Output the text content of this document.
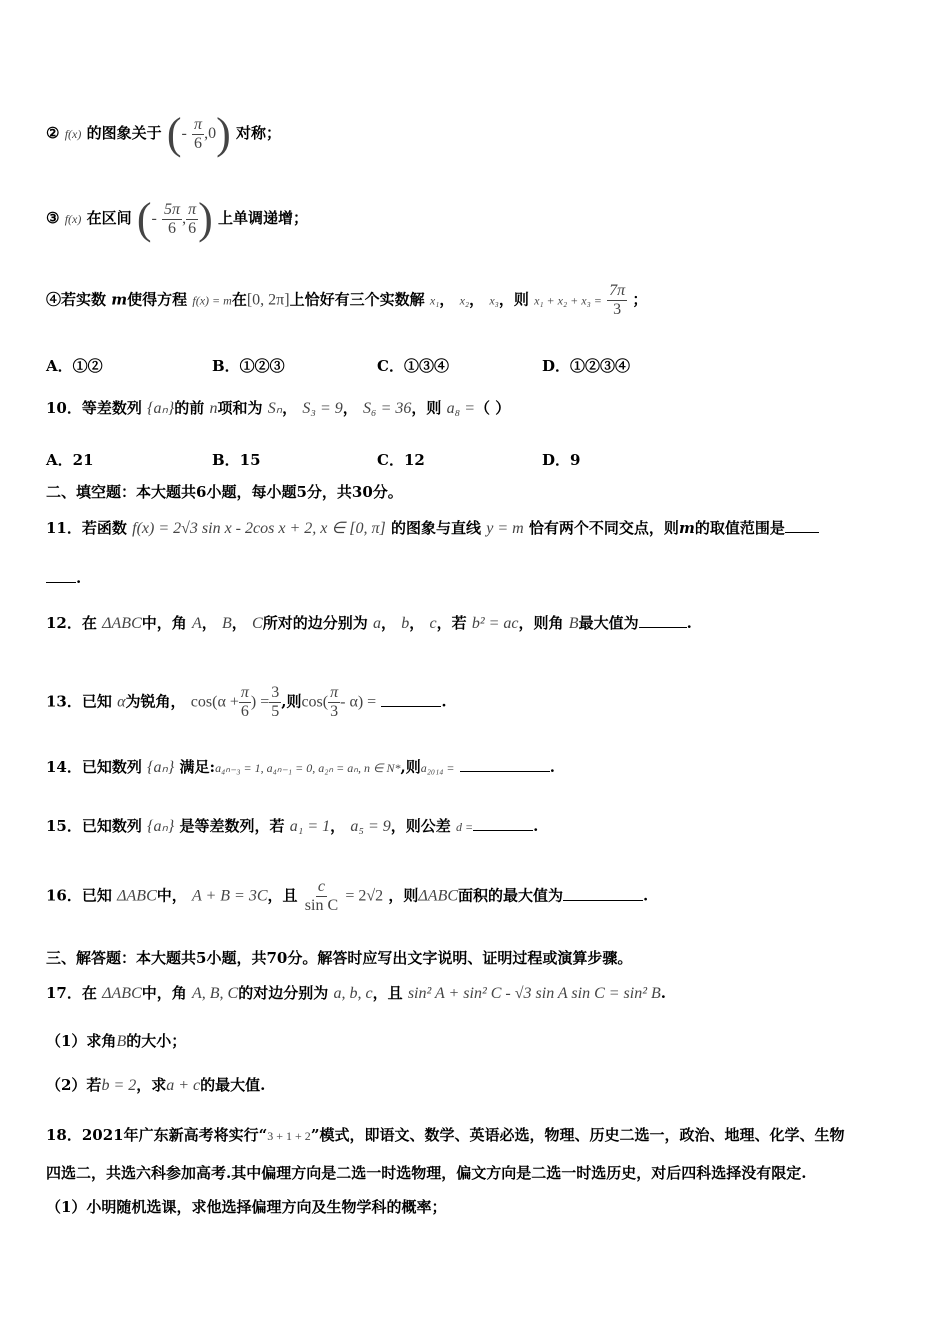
② f(x) 的图象关于 (- $\frac{\pi}{6} ,0$) 对称；
③ f(x) 在区间 (- $\frac{5\pi}{6}$ , $\frac{\pi}{6}$ ) 上单调递增；
④若实数 m使得方程 f(x) = m在[0, 2π]上恰好有三个实数解 x₁， x₂， x₃，则 $x_1 + x_2 + x_3 = \frac{7\pi}{3}$ ；
A．①②	B．①②③	C．①③④	D．①②③④
10．等差数列 {aₙ}的前 n项和为 Sₙ， S₃ = 9， S₆ = 36，则 a₈ =（ ）
A．21	B．15	C．12	D．9
二、填空题：本大题共6小题，每小题5分，共30分。
11．若函数 f(x) = 2√3 sin x - 2cos x + 2, x ∈ [0, π] 的图象与直线 y = m 恰有两个不同交点，则m的取值范围是
.
12．在 ΔABC中，角 A， B， C所对的边分别为 a， b， c，若 b² = ac，则角 B最大值为	.
13．已知 α为锐角， $\cos(\alpha + \frac{\pi}{6}$ ) = $\frac{3}{5}$ ,则$\cos( \frac{\pi}{3} - \alpha)$ =	.
14．已知数列 {aₙ} 满足:a₄ₙ₋₃ = 1, a₄ₙ₋₁ = 0, a₂ₙ = aₙ, n ∈ N*,则a₂₀₁₄ =	.
15．已知数列 {aₙ} 是等差数列，若 a₁ = 1， a₅ = 9，则公差 d =	.
16．已知 ΔABC中， A + B = 3C，且 $\frac{c}{\text{sin C}} = 2√2$ ，则ΔABC面积的最大值为	.
三、解答题：本大题共5小题，共70分。解答时应写出文字说明、证明过程或演算步骤。
17．在 ΔABC中，角 A, B, C的对边分别为 a, b, c，且 sin² A + sin² C - √3 sin A sin C = sin² B.
（1）求角B的大小；
（2）若b = 2，求a + c的最大值.
18．2021年广东新高考将实行“3 + 1 + 2”模式，即语文、数学、英语必选，物理、历史二选一，政治、地理、化学、生物
四选二，共选六科参加高考.其中偏理方向是二选一时选物理，偏文方向是二选一时选历史，对后四科选择没有限定.
（1）小明随机选课，求他选择偏理方向及生物学科的概率；
